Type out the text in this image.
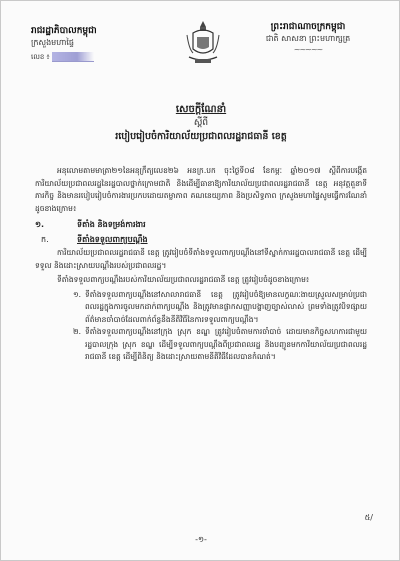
រាជរដ្ឋាភិបាលកម្ពុជា
ក្រសួងមហាផ្ទៃ
លេខ ៖
ព្រះរាជាណាចក្រកម្ពុជា
ជាតិ សាសនា ព្រះមហាក្សត្រ
~~~~~
សេចក្តីណែនាំ
ស្តីពី
របៀបរៀបចំការិយាល័យប្រជាពលរដ្ឋរាជធានី ខេត្ត

អនុលោមតាមមាត្រា២១នៃអនុក្រឹត្យលេខ២៦ អនក្រ.បក ចុះថ្ងៃទី០៨ ខែកម្ភៈ ឆ្នាំ២០១៧ ស្តីពីការបង្កើតការិយាល័យប្រជាពលរដ្ឋនៃរដ្ឋបាលថ្នាក់ក្រោមជាតិ និងដើម្បីធានាឱ្យការិយាល័យប្រជាពលរដ្ឋរាជធានី ខេត្ត អនុវត្តតួនាទី ភារកិច្ច និងមានរបៀបរៀបចំការងារប្រកបដោយតម្លាភាព គណនេយ្យភាព និងប្រសិទ្ធភាព ក្រសួងមហាផ្ទៃសូមធ្វើការណែនាំដូចខាងក្រោម៖

១.	ទីតាំង និងទម្រង់ការងារ
ក.	ទីតាំងទទួលពាក្យបណ្តឹង

ការិយាល័យប្រជាពលរដ្ឋរាជធានី ខេត្ត ត្រូវរៀបចំទីតាំងទទួលពាក្យបណ្តឹងនៅទីស្នាក់ការរដ្ឋបាលរាជធានី ខេត្ត ដើម្បីទទួល និងដោះស្រាយបណ្តឹងរបស់ប្រជាពលរដ្ឋ។

ទីតាំងទទួលពាក្យបណ្តឹងរបស់ការិយាល័យប្រជាពលរដ្ឋរាជធានី ខេត្ត ត្រូវរៀបចំដូចខាងក្រោម៖

១. ទីតាំងទទួលពាក្យបណ្តឹងនៅសាលារាជធានី ខេត្ត ត្រូវរៀបចំឱ្យមានលក្ខណៈងាយស្រួលសម្រាប់ប្រជាពលរដ្ឋក្នុងការចូលមកដាក់ពាក្យបណ្តឹង និងត្រូវមានផ្លាកសញ្ញាបង្ហាញច្បាស់លាស់ ព្រមទាំងត្រូវបិទផ្សាយព័ត៌មានចាំបាច់ដែលពាក់ព័ន្ធនឹងនីតិវិធីនៃការទទួលពាក្យបណ្តឹង។
២. ទីតាំងទទួលពាក្យបណ្តឹងនៅក្រុង ស្រុក ខណ្ឌ ត្រូវរៀបចំតាមការចាំបាច់ ដោយមានកិច្ចសហការជាមួយរដ្ឋបាលក្រុង ស្រុក ខណ្ឌ ដើម្បីទទួលពាក្យបណ្តឹងពីប្រជាពលរដ្ឋ និងបញ្ជូនមកការិយាល័យប្រជាពលរដ្ឋរាជធានី ខេត្ត ដើម្បីពិនិត្យ និងដោះស្រាយតាមនីតិវិធីដែលបានកំណត់។
៥/
-១-
